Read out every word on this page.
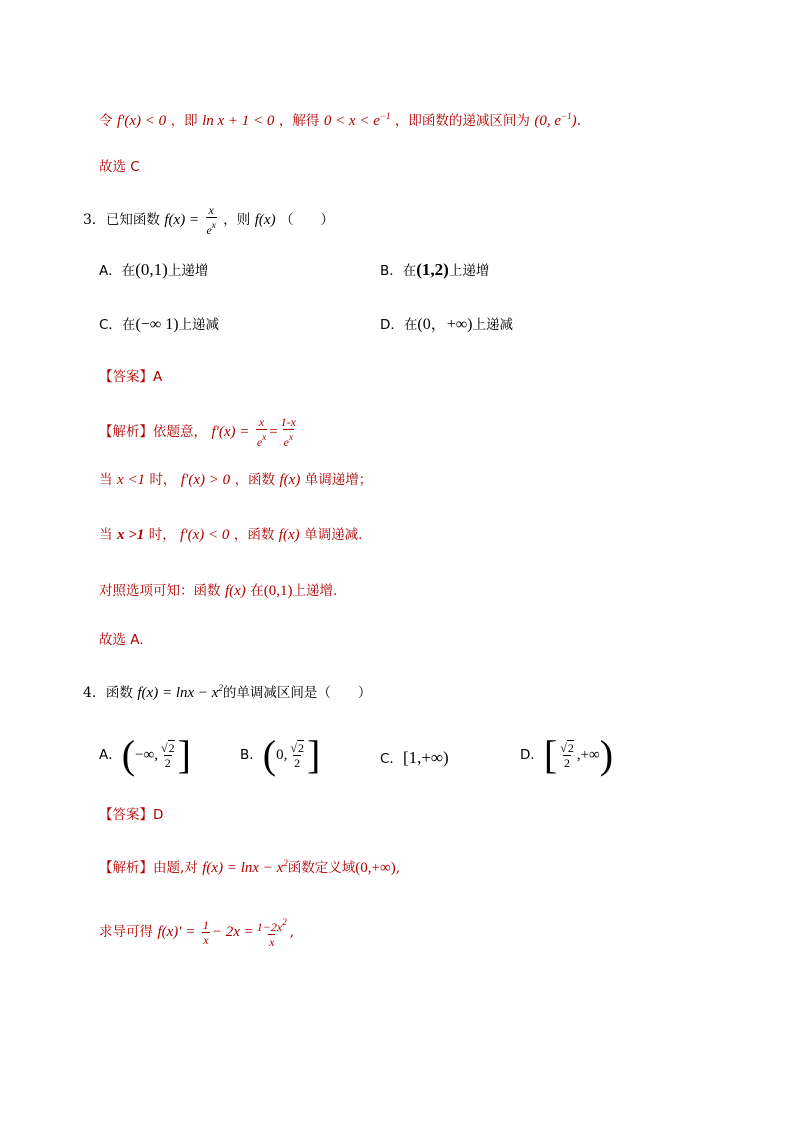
令 f′(x) < 0 ，即 ln x + 1 < 0 ，解得 $0 < x < e^{-1}$ ，即函数的递减区间为 (0, $e^{-1}$).
故选 C
3．已知函数 $f(x) = \frac{x}{e^x}$ ，则 f(x) （　　）
A．在(0,1)上递增	B．在(1,2)上递增
C．在(−∞ 1)上递减	D．在(0，+∞)上递减
【答案】A
【解析】依题意， $f'(x) = \frac{x}{e^x} = \frac{1-x}{e^x}$
当 x <1 时， f′(x) > 0 ，函数 f(x) 单调递增；
当 x >1 时， f′(x) < 0 ，函数 f(x) 单调递减.
对照选项可知：函数 f(x) 在(0,1)上递增.
故选 A.
4．函数 $f(x) = \ln x - x^2$的单调减区间是（　　）
A．(−∞, $\frac{√2}{2}$ ]	B．(0, $\frac{√2}{2}$ ]	C．[1,+∞)	D．[ $\frac{√2}{2}$ ,+∞)
【答案】D
【解析】由题,对 $f(x) = \ln x - x^2$函数定义域(0,+∞),
求导可得 $f(x)' = \frac{1}{x} - 2x = \frac{1-2x^2}{x}$ ,
